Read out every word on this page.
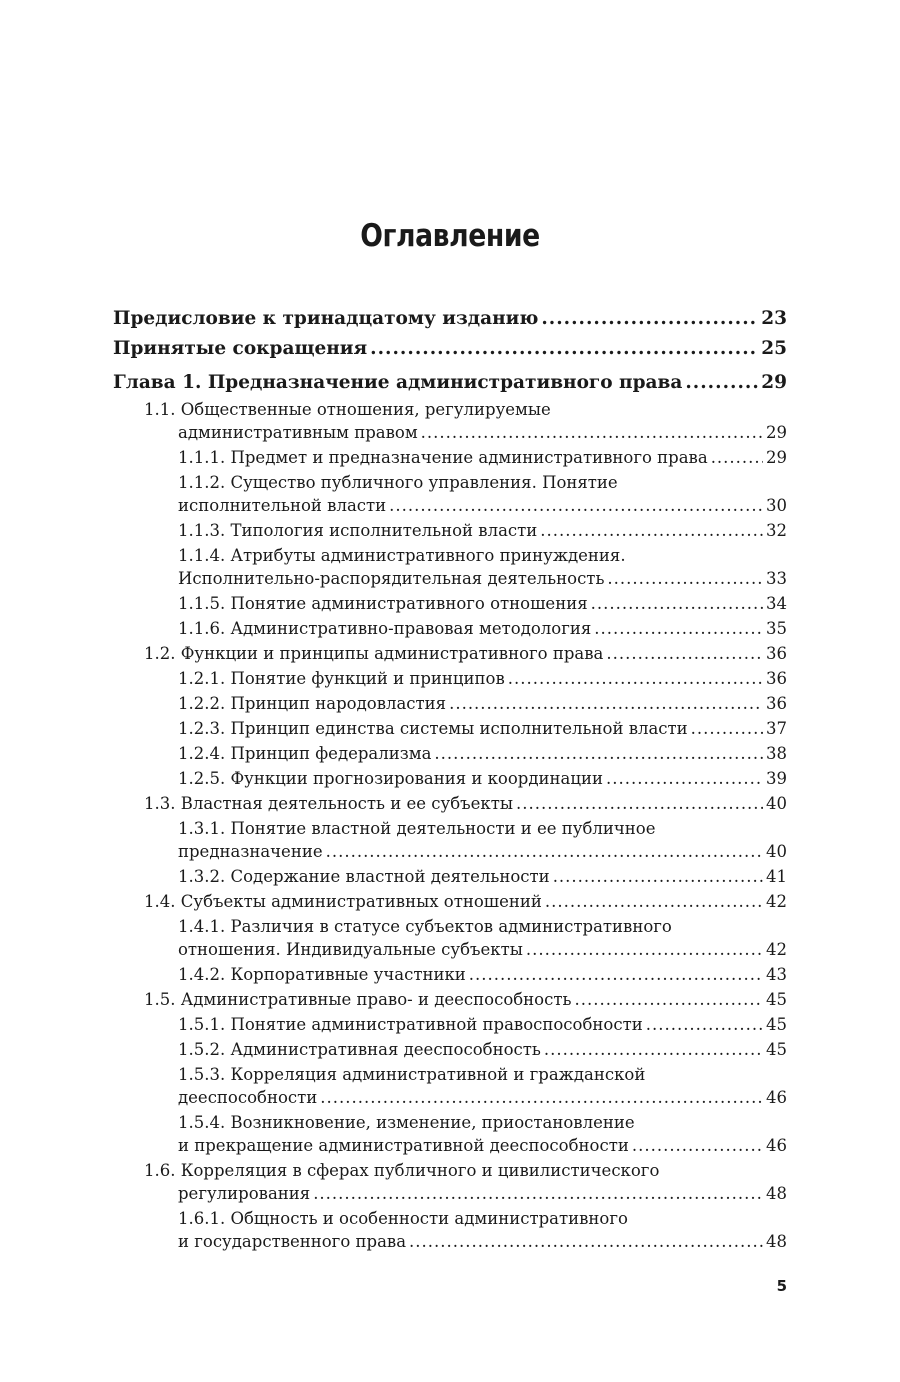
Оглавление
Предисловие к тринадцатому изданию .....	23
Принятые сокращения .....	25
Глава 1. Предназначение административного права .....	29
1.1. Общественные отношения, регулируемые
административным правом .....	29
1.1.1. Предмет и предназначение административного права .....	29
1.1.2. Существо публичного управления. Понятие
исполнительной власти .....	30
1.1.3. Типология исполнительной власти .....	32
1.1.4. Атрибуты административного принуждения.
Исполнительно-распорядительная деятельность .....	33
1.1.5. Понятие административного отношения .....	34
1.1.6. Административно-правовая методология .....	35
1.2. Функции и принципы административного права .....	36
1.2.1. Понятие функций и принципов .....	36
1.2.2. Принцип народовластия .....	36
1.2.3. Принцип единства системы исполнительной власти .....	37
1.2.4. Принцип федерализма .....	38
1.2.5. Функции прогнозирования и координации .....	39
1.3. Властная деятельность и ее субъекты .....	40
1.3.1. Понятие властной деятельности и ее публичное
предназначение .....	40
1.3.2. Содержание властной деятельности .....	41
1.4. Субъекты административных отношений .....	42
1.4.1. Различия в статусе субъектов административного
отношения. Индивидуальные субъекты .....	42
1.4.2. Корпоративные участники .....	43
1.5. Административные право- и дееспособность .....	45
1.5.1. Понятие административной правоспособности .....	45
1.5.2. Административная дееспособность .....	45
1.5.3. Корреляция административной и гражданской
дееспособности .....	46
1.5.4. Возникновение, изменение, приостановление
и прекращение административной дееспособности .....	46
1.6. Корреляция в сферах публичного и цивилистического
регулирования .....	48
1.6.1. Общность и особенности административного
и государственного права .....	48
5
